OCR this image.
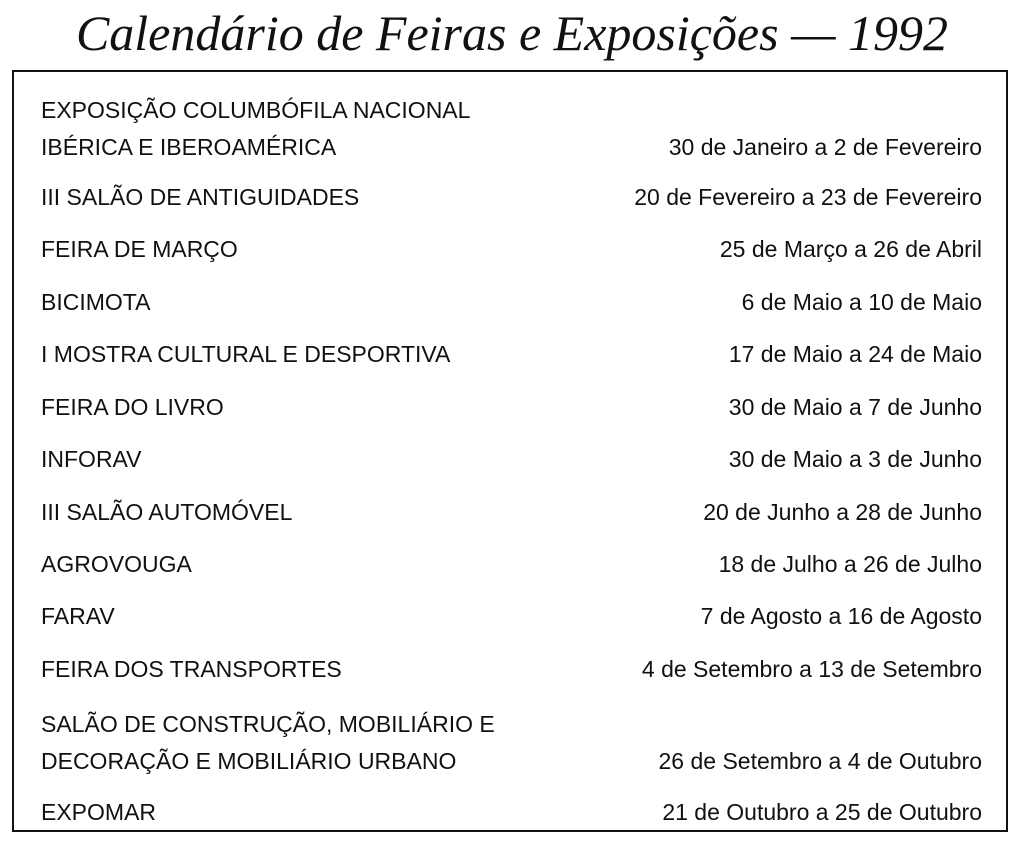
Calendário de Feiras e Exposições — 1992
EXPOSIÇÃO COLUMBÓFILA NACIONAL
IBÉRICA E IBEROAMÉRICA	30 de Janeiro a 2 de Fevereiro
III SALÃO DE ANTIGUIDADES	20 de Fevereiro a 23 de Fevereiro
FEIRA DE MARÇO	25 de Março a 26 de Abril
BICIMOTA	6 de Maio a 10 de Maio
I MOSTRA CULTURAL E DESPORTIVA	17 de Maio a 24 de Maio
FEIRA DO LIVRO	30 de Maio a 7 de Junho
INFORAV	30 de Maio a 3 de Junho
III SALÃO AUTOMÓVEL	20 de Junho a 28 de Junho
AGROVOUGA	18 de Julho a 26 de Julho
FARAV	7 de Agosto a 16 de Agosto
FEIRA DOS TRANSPORTES	4 de Setembro a 13 de Setembro
SALÃO DE CONSTRUÇÃO, MOBILIÁRIO E
DECORAÇÃO E MOBILIÁRIO URBANO	26 de Setembro a 4 de Outubro
EXPOMAR	21 de Outubro a 25 de Outubro
